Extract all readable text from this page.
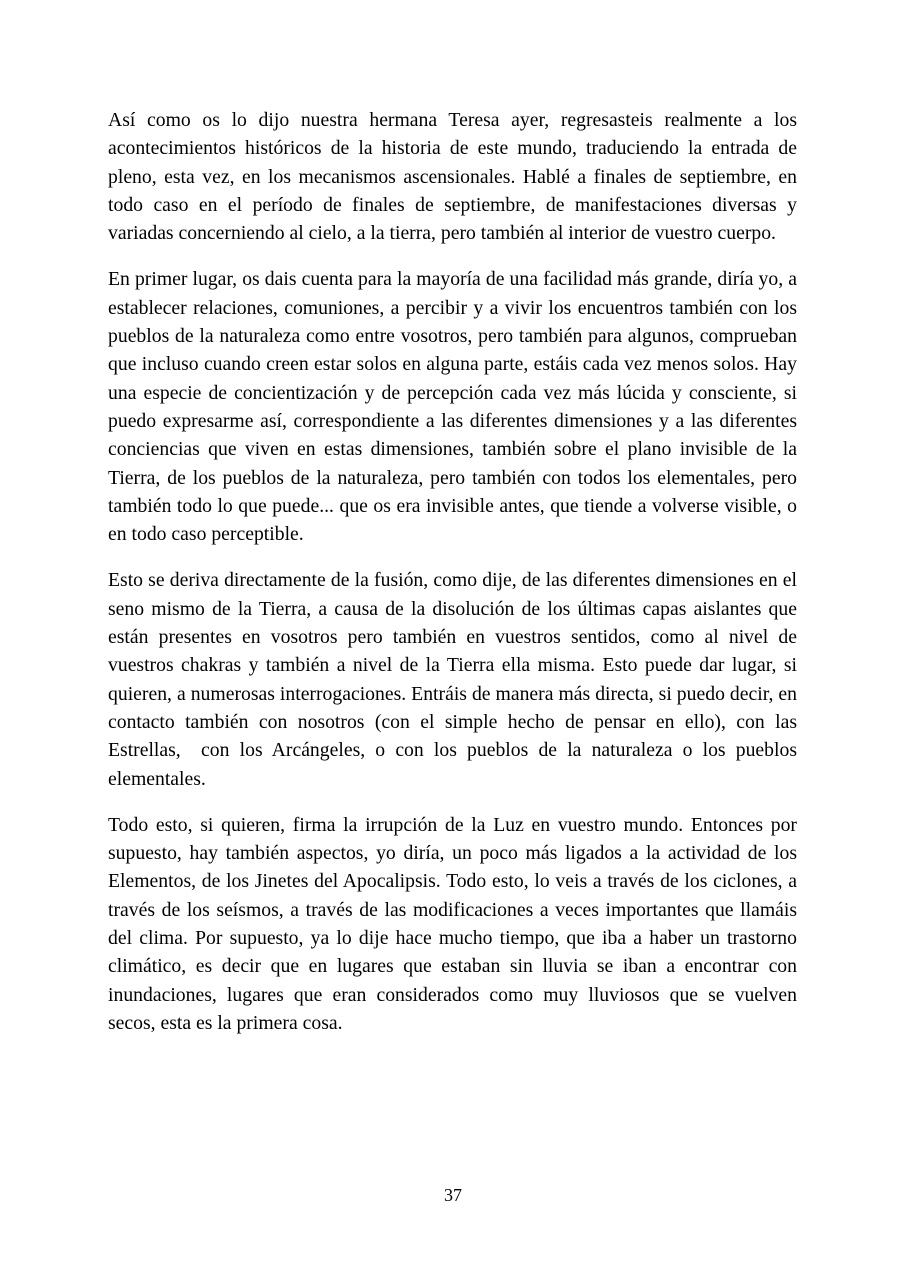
Así como os lo dijo nuestra hermana Teresa ayer, regresasteis realmente a los acontecimientos históricos de la historia de este mundo, traduciendo la entrada de pleno, esta vez, en los mecanismos ascensionales. Hablé a finales de septiembre, en todo caso en el período de finales de septiembre, de manifestaciones diversas y variadas concerniendo al cielo, a la tierra, pero también al interior de vuestro cuerpo.

En primer lugar, os dais cuenta para la mayoría de una facilidad más grande, diría yo, a establecer relaciones, comuniones, a percibir y a vivir los encuentros también con los pueblos de la naturaleza como entre vosotros, pero también para algunos, comprueban que incluso cuando creen estar solos en alguna parte, estáis cada vez menos solos. Hay una especie de concientización y de percepción cada vez más lúcida y consciente, si puedo expresarme así, correspondiente a las diferentes dimensiones y a las diferentes conciencias que viven en estas dimensiones, también sobre el plano invisible de la Tierra, de los pueblos de la naturaleza, pero también con todos los elementales, pero también todo lo que puede... que os era invisible antes, que tiende a volverse visible, o en todo caso perceptible.

Esto se deriva directamente de la fusión, como dije, de las diferentes dimensiones en el seno mismo de la Tierra, a causa de la disolución de los últimas capas aislantes que están presentes en vosotros pero también en vuestros sentidos, como al nivel de vuestros chakras y también a nivel de la Tierra ella misma. Esto puede dar lugar, si quieren, a numerosas interrogaciones. Entráis de manera más directa, si puedo decir, en contacto también con nosotros (con el simple hecho de pensar en ello), con las Estrellas,  con los Arcángeles, o con los pueblos de la naturaleza o los pueblos elementales.

Todo esto, si quieren, firma la irrupción de la Luz en vuestro mundo. Entonces por supuesto, hay también aspectos, yo diría, un poco más ligados a la actividad de los Elementos, de los Jinetes del Apocalipsis. Todo esto, lo veis a través de los ciclones, a través de los seísmos, a través de las modificaciones a veces importantes que llamáis del clima. Por supuesto, ya lo dije hace mucho tiempo, que iba a haber un trastorno climático, es decir que en lugares que estaban sin lluvia se iban a encontrar con inundaciones, lugares que eran considerados como muy lluviosos que se vuelven secos, esta es la primera cosa.

37
